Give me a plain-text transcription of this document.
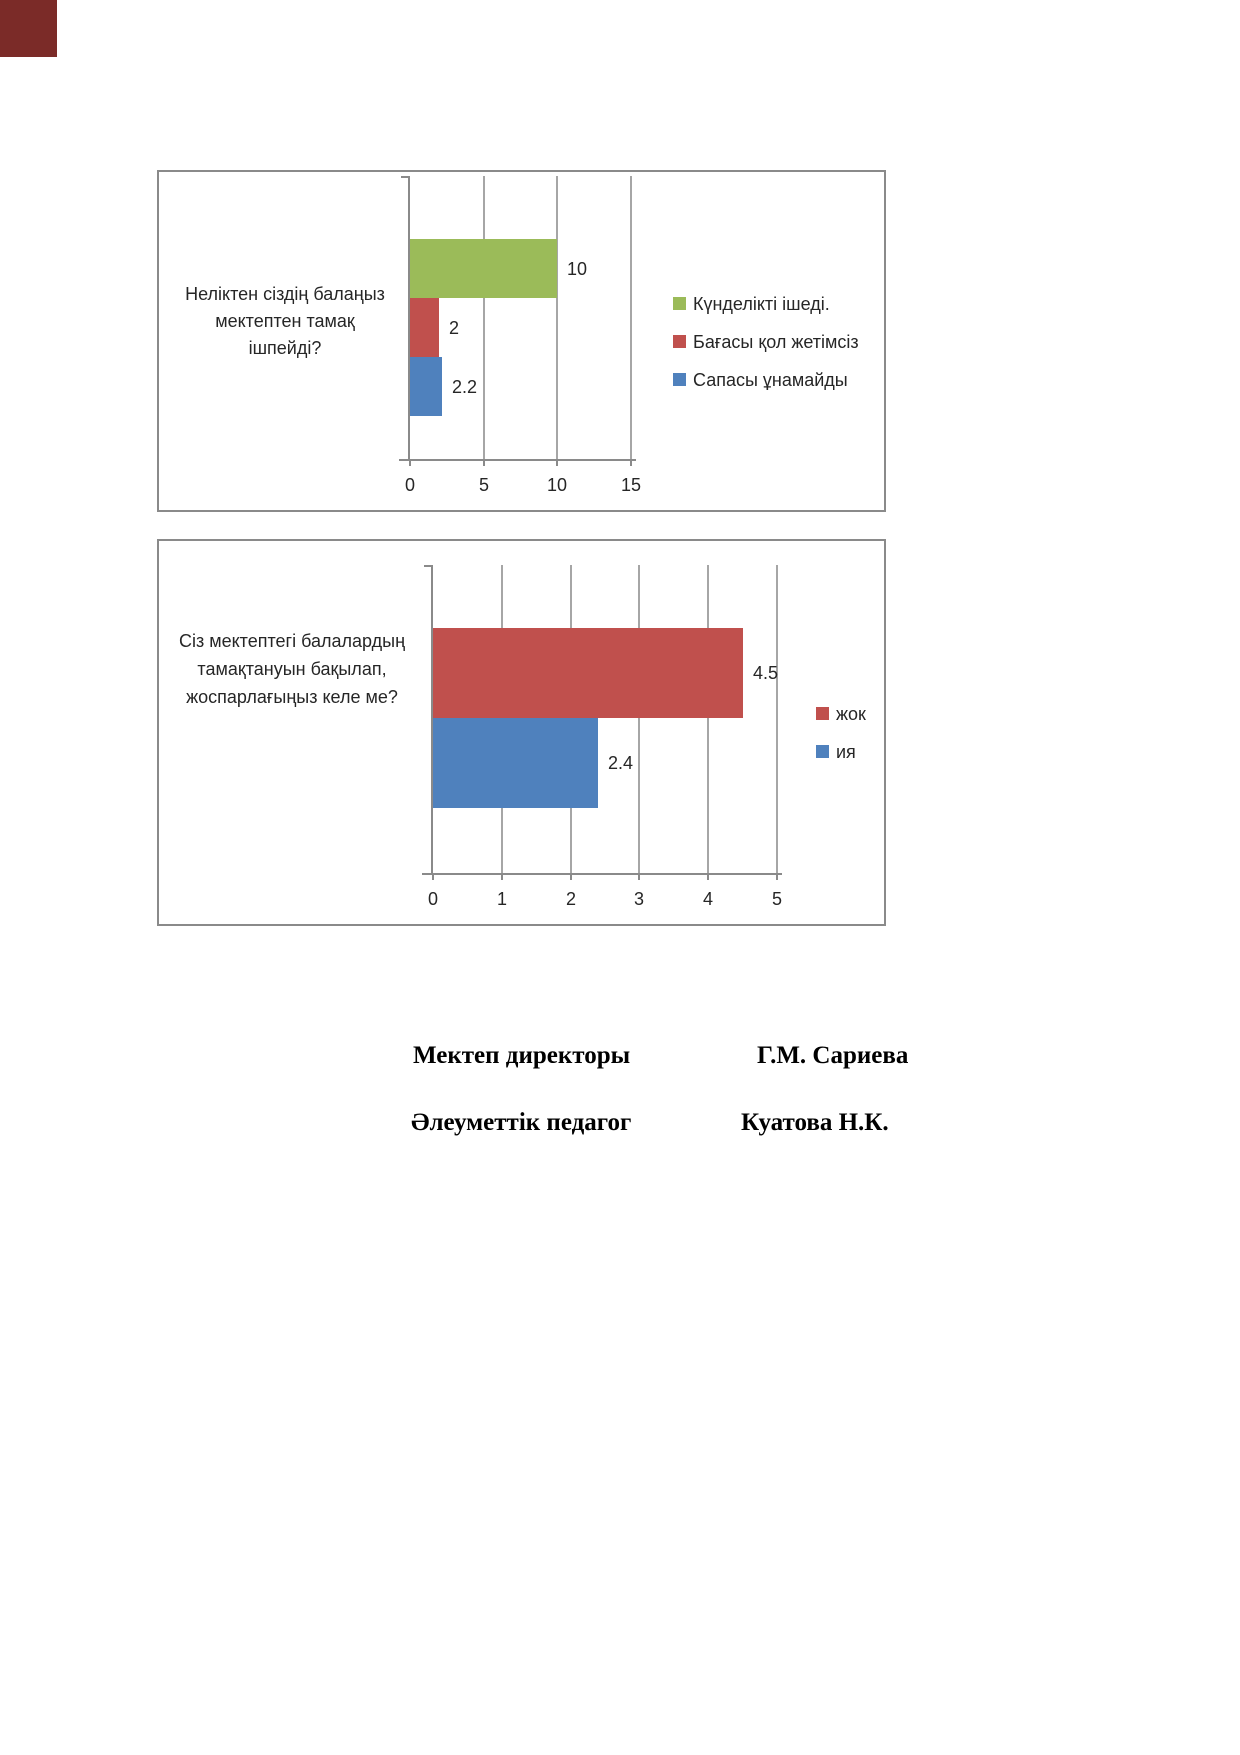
Мектеп директоры	Г.М. Сариева
Әлеуметтік педагог	Куатова Н.К.
0	5	10	15
10
2
2.2
Неліктен сіздің балаңыз
мектептен тамақ
ішпейді?
Күнделікті ішеді.
Бағасы қол жетімсіз
Сапасы ұнамайды
0	1	2	3	4	5
4.5
2.4
Сіз мектептегі балалардың
тамақтануын бақылап,
жоспарлағыңыз келе ме?
жок
ия
